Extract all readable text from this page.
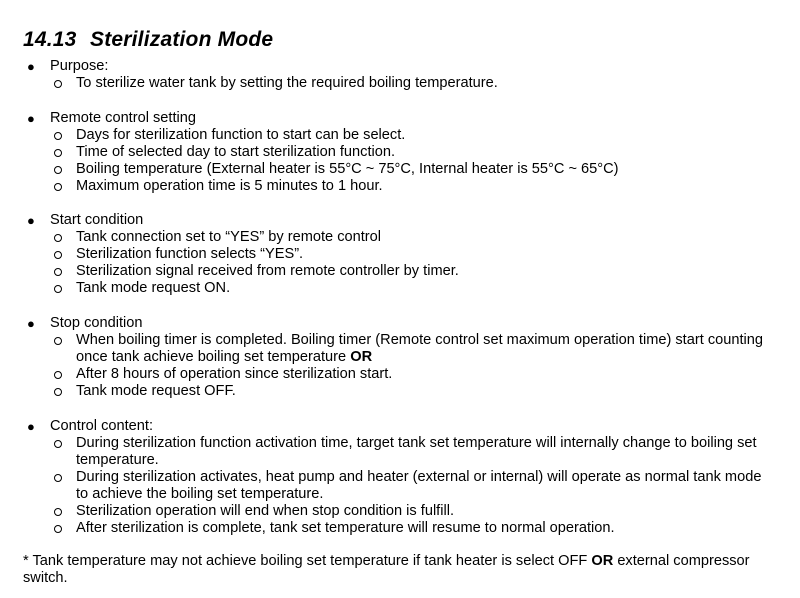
14.13 Sterilization Mode
● Purpose:
To sterilize water tank by setting the required boiling temperature.
● Remote control setting
Days for sterilization function to start can be select.
Time of selected day to start sterilization function.
Boiling temperature (External heater is 55°C ~ 75°C, Internal heater is 55°C ~ 65°C)
Maximum operation time is 5 minutes to 1 hour.
● Start condition
Tank connection set to “YES” by remote control
Sterilization function selects “YES”.
Sterilization signal received from remote controller by timer.
Tank mode request ON.
● Stop condition
When boiling timer is completed. Boiling timer (Remote control set maximum operation time) start counting once tank achieve boiling set temperature OR
After 8 hours of operation since sterilization start.
Tank mode request OFF.
● Control content:
During sterilization function activation time, target tank set temperature will internally change to boiling set temperature.
During sterilization activates, heat pump and heater (external or internal) will operate as normal tank mode to achieve the boiling set temperature.
Sterilization operation will end when stop condition is fulfill.
After sterilization is complete, tank set temperature will resume to normal operation.
* Tank temperature may not achieve boiling set temperature if tank heater is select OFF OR external compressor switch.
